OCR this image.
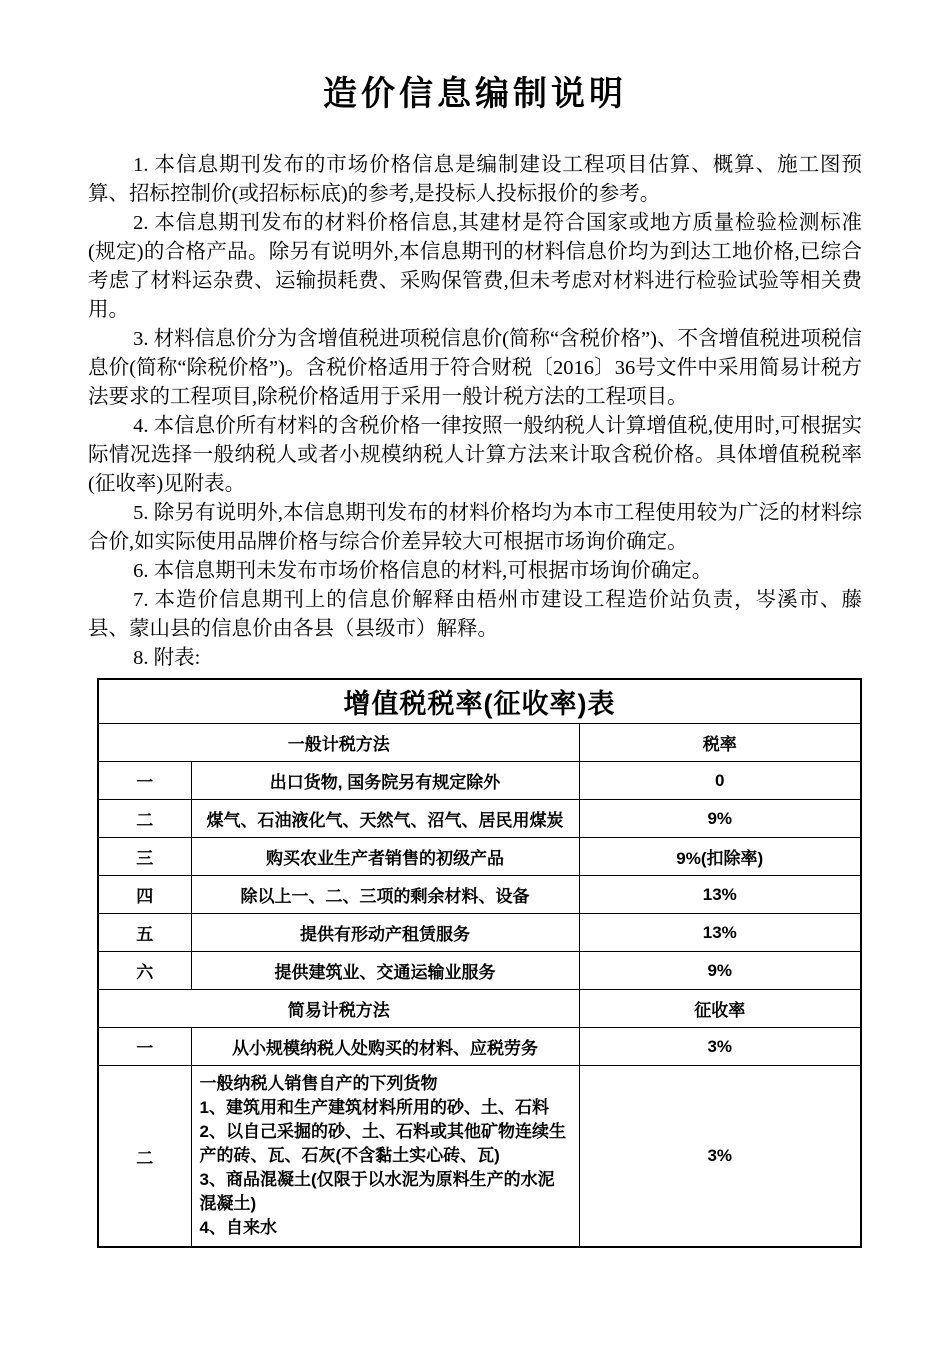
造价信息编制说明

1. 本信息期刊发布的市场价格信息是编制建设工程项目估算、概算、施工图预算、招标控制价(或招标标底)的参考,是投标人投标报价的参考。

2. 本信息期刊发布的材料价格信息,其建材是符合国家或地方质量检验检测标准(规定)的合格产品。除另有说明外,本信息期刊的材料信息价均为到达工地价格,已综合考虑了材料运杂费、运输损耗费、采购保管费,但未考虑对材料进行检验试验等相关费用。

3. 材料信息价分为含增值税进项税信息价(简称“含税价格”)、不含增值税进项税信息价(简称“除税价格”)。含税价格适用于符合财税〔2016〕36号文件中采用简易计税方法要求的工程项目,除税价格适用于采用一般计税方法的工程项目。

4. 本信息价所有材料的含税价格一律按照一般纳税人计算增值税,使用时,可根据实际情况选择一般纳税人或者小规模纳税人计算方法来计取含税价格。具体增值税税率(征收率)见附表。

5. 除另有说明外,本信息期刊发布的材料价格均为本市工程使用较为广泛的材料综合价,如实际使用品牌价格与综合价差异较大可根据市场询价确定。

6. 本信息期刊未发布市场价格信息的材料,可根据市场询价确定。

7. 本造价信息期刊上的信息价解释由梧州市建设工程造价站负责，岑溪市、藤县、蒙山县的信息价由各县（县级市）解释。

8. 附表:

增值税税率(征收率)表		
一般计税方法		税率
一	出口货物, 国务院另有规定除外	0
二	煤气、石油液化气、天然气、沼气、居民用煤炭	9%
三	购买农业生产者销售的初级产品	9%(扣除率)
四	除以上一、二、三项的剩余材料、设备	13%
五	提供有形动产租赁服务	13%
六	提供建筑业、交通运输业服务	9%
简易计税方法		征收率
一	从小规模纳税人处购买的材料、应税劳务	3%
二	一般纳税人销售自产的下列货物
1、建筑用和生产建筑材料所用的砂、土、石料
2、以自己采掘的砂、土、石料或其他矿物连续生产的砖、瓦、石灰(不含黏土实心砖、瓦)
3、商品混凝土(仅限于以水泥为原料生产的水泥混凝土)
4、自来水	3%
